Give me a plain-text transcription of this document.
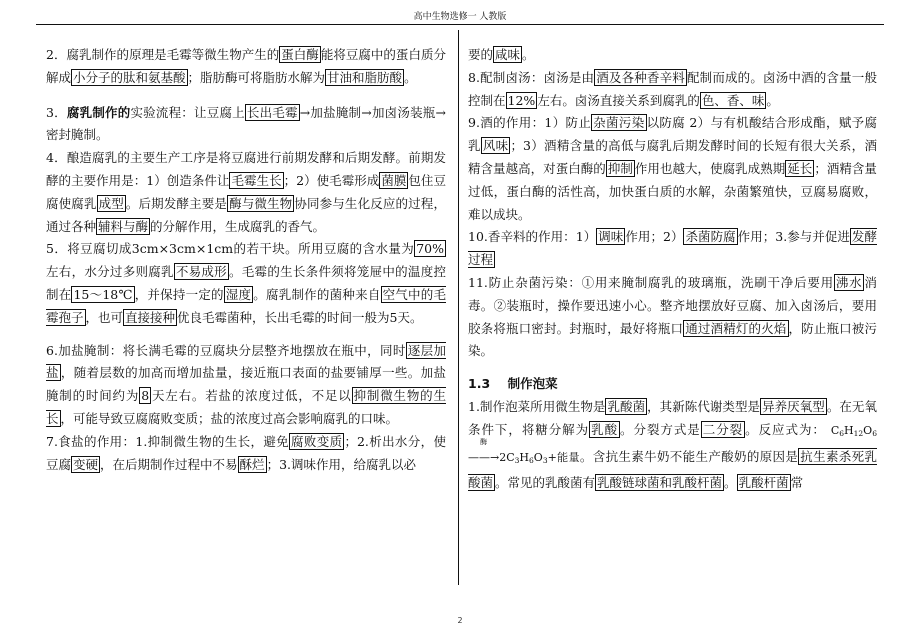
高中生物选修一 人教版

2．腐乳制作的原理是毛霉等微生物产生的 蛋白酶 能将豆腐中的蛋白质分解成 小分子的肽和氨基酸 ；脂肪酶可将脂肪水解为 甘油和脂肪酸 。

3．腐乳制作的实验流程：让豆腐上 长出毛霉 →加盐腌制→加卤汤装瓶→密封腌制。

4．酿造腐乳的主要生产工序是将豆腐进行前期发酵和后期发酵。前期发酵的主要作用是：1）创造条件让 毛霉生长 ；2）使毛霉形成 菌膜 包住豆腐使腐乳 成型 。后期发酵主要是 酶与微生物 协同参与生化反应的过程，通过各种 辅料与酶 的分解作用，生成腐乳的香气。

5．将豆腐切成3cm×3cm×1cm的若干块。所用豆腐的含水量为 70%左右，水分过多则腐乳 不易成形 。毛霉的生长条件须将笼屉中的温度控制在 15～18℃ ，并保持一定的 湿度 。腐乳制作的菌种来自 空气中的毛霉孢子 ，也可 直接接种 优良毛霉菌种，长出毛霉的时间一般为5天。

6.加盐腌制：将长满毛霉的豆腐块分层整齐地摆放在瓶中，同时 逐层加盐 ，随着层数的加高而增加盐量，接近瓶口表面的盐要铺厚一些。加盐腌制的时间约为 8 天左右。若盐的浓度过低，不足以 抑制微生物的生长 ，可能导致豆腐腐败变质；盐的浓度过高会影响腐乳的口味。

7.食盐的作用：1.抑制微生物的生长，避免 腐败变质 ；2.析出水分，使豆腐 变硬 ，在后期制作过程中不易 酥烂 ；3.调味作用，给腐乳以必

要的 咸味 。

8.配制卤汤：卤汤是由 酒及各种香辛料 配制而成的。卤汤中酒的含量一般控制在 12% 左右。卤汤直接关系到腐乳的 色、香、味 。

9.酒的作用：1）防止 杂菌污染 以防腐 2）与有机酸结合形成酯，赋予腐乳 风味 ；3）酒精含量的高低与腐乳后期发酵时间的长短有很大关系，酒精含量越高，对蛋白酶的 抑制 作用也越大，使腐乳成熟期 延长 ；酒精含量过低，蛋白酶的活性高，加快蛋白质的水解，杂菌繁殖快，豆腐易腐败，难以成块。

10.香辛料的作用：1） 调味 作用；2） 杀菌防腐 作用；3.参与并促进 发酵过程

11.防止杂菌污染：①用来腌制腐乳的玻璃瓶，洗刷干净后要用 沸水 消毒。②装瓶时，操作要迅速小心。整齐地摆放好豆腐、加入卤汤后，要用胶条将瓶口密封。封瓶时，最好将瓶口 通过酒精灯的火焰 ，防止瓶口被污染。

1.3 制作泡菜

1.制作泡菜所用微生物是 乳酸菌 ，其新陈代谢类型是 异养厌氧型 。在无氧条件下，将糖分解为 乳酸 。分裂方式是 二分裂 。反应式为： $C_6H_{12}O_6$
酶
$——\to 2C_3H_6O_3+$能量。含抗生素牛奶不能生产酸奶的原因是 抗生素杀死乳酸菌 。常见的乳酸菌有 乳酸链球菌和乳酸杆菌 。 乳酸杆菌 常

2
